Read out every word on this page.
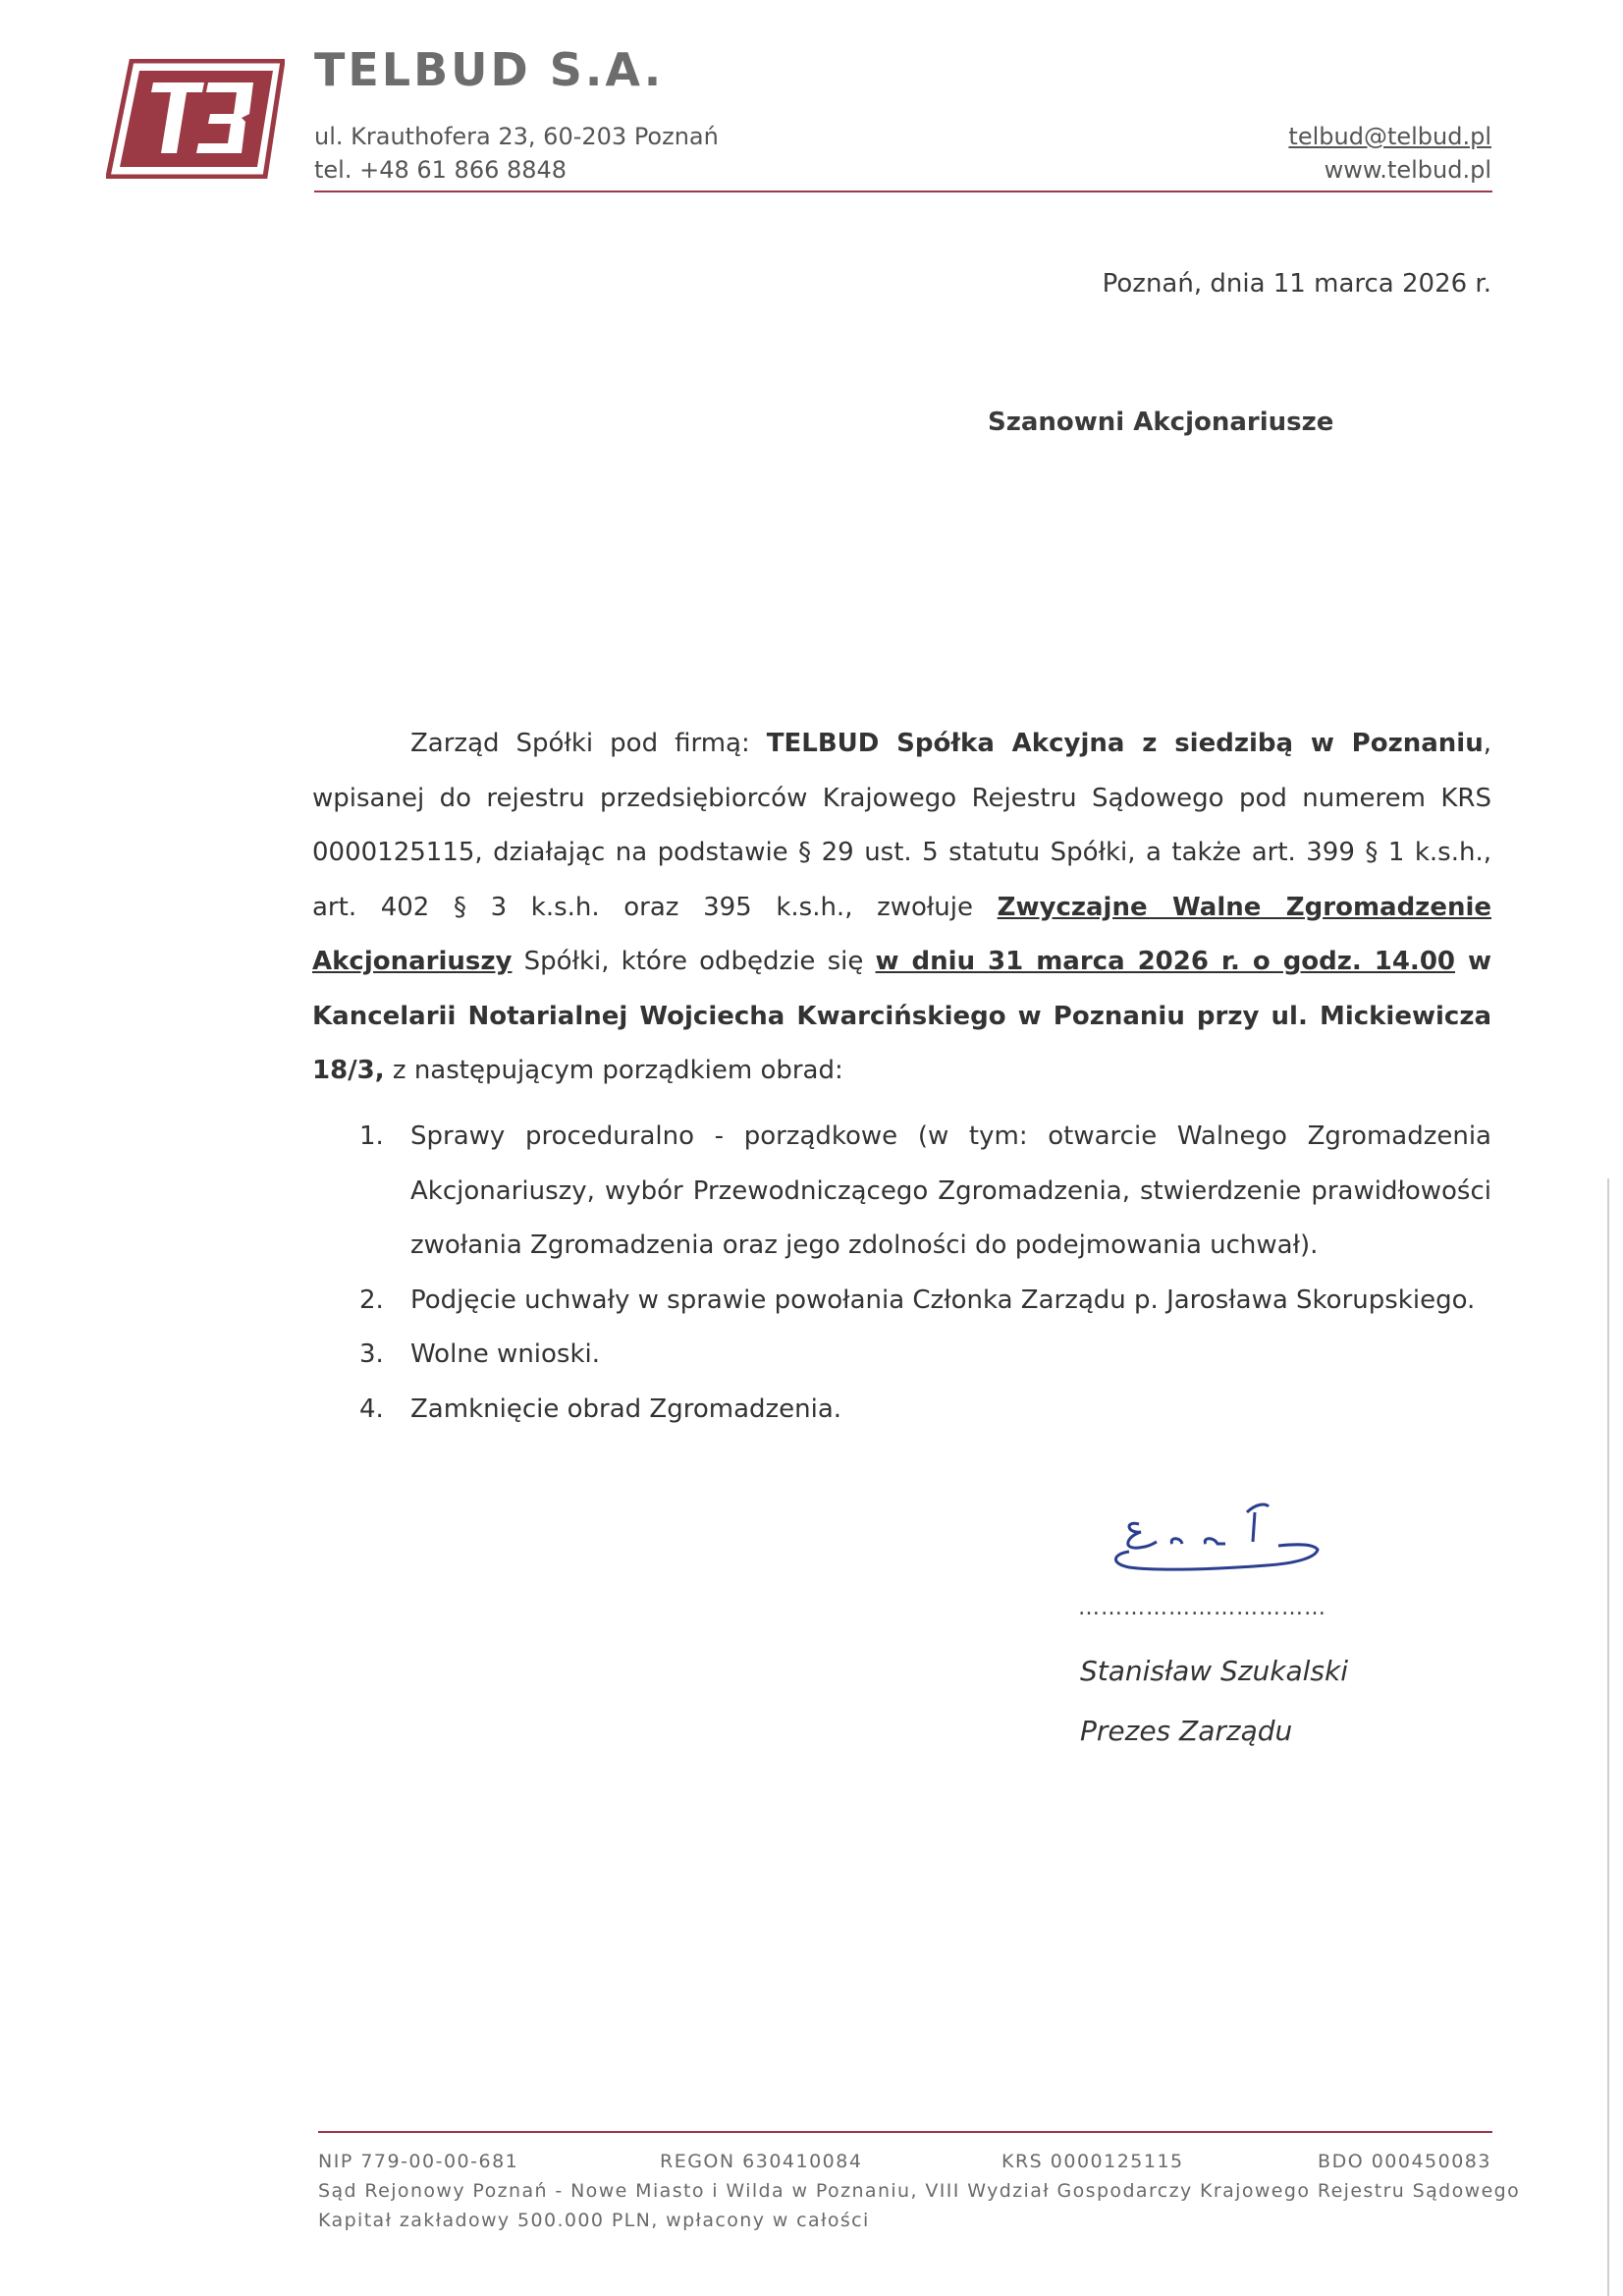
TELBUD S.A.
ul. Krauthofera 23, 60-203 Poznań
tel. +48 61 866 8848
telbud@telbud.pl
www.telbud.pl
Poznań, dnia 11 marca 2026 r.
Szanowni Akcjonariusze

Zarząd Spółki pod firmą: TELBUD Spółka Akcyjna z siedzibą w Poznaniu, wpisanej do rejestru przedsiębiorców Krajowego Rejestru Sądowego pod numerem KRS 0000125115, działając na podstawie § 29 ust. 5 statutu Spółki, a także art. 399 § 1 k.s.h., art. 402 § 3 k.s.h. oraz 395 k.s.h., zwołuje Zwyczajne Walne Zgromadzenie Akcjonariuszy Spółki, które odbędzie się w dniu 31 marca 2026 r. o godz. 14.00 w Kancelarii Notarialnej Wojciecha Kwarcińskiego w Poznaniu przy ul. Mickiewicza 18/3, z następującym porządkiem obrad:

1. Sprawy proceduralno - porządkowe (w tym: otwarcie Walnego Zgromadzenia Akcjonariuszy, wybór Przewodniczącego Zgromadzenia, stwierdzenie prawidłowości zwołania Zgromadzenia oraz jego zdolności do podejmowania uchwał).
2. Podjęcie uchwały w sprawie powołania Członka Zarządu p. Jarosława Skorupskiego.
3. Wolne wnioski.
4. Zamknięcie obrad Zgromadzenia.
……………………………
Stanisław Szukalski
Prezes Zarządu
NIP 779-00-00-681	REGON 630410084	KRS 0000125115	BDO 000450083
Sąd Rejonowy Poznań - Nowe Miasto i Wilda w Poznaniu, VIII Wydział Gospodarczy Krajowego Rejestru Sądowego
Kapitał zakładowy 500.000 PLN, wpłacony w całości
